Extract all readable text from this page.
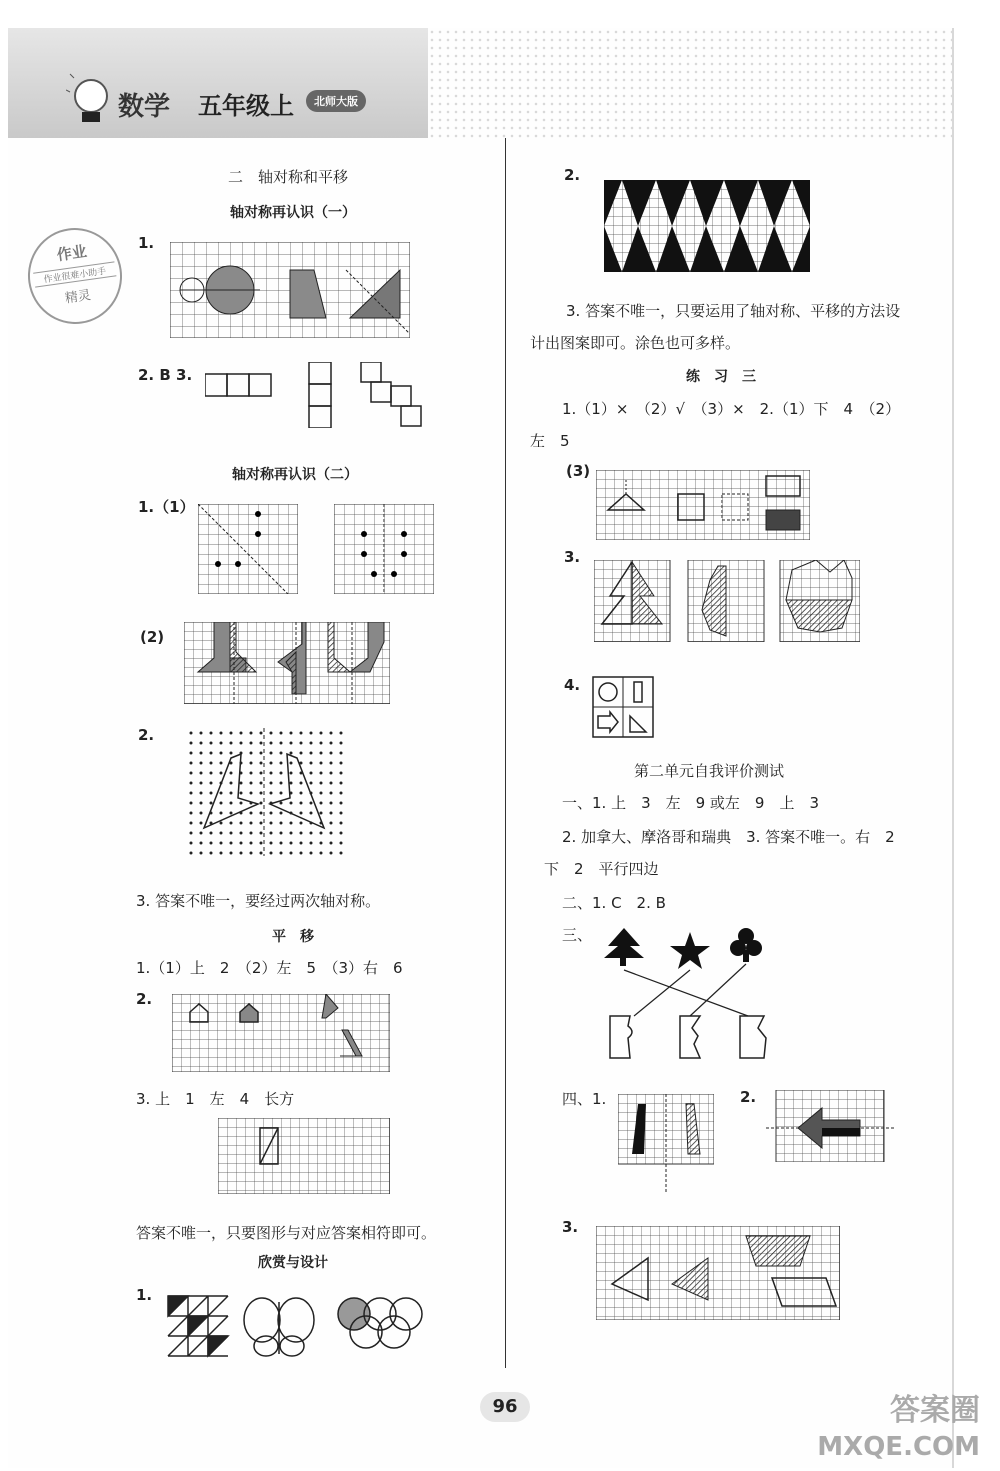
数学 五年级上	北师大版
作业
作业很难小助手
精灵
二　轴对称和平移
轴对称再认识（一）
1.
2. B 3.
轴对称再认识（二）
1.（1）
(2)
2.
3. 答案不唯一，要经过两次轴对称。
平　移
1.（1）上　2　（2）左　5　（3）右　6
2.
3. 上　1　左　4　长方
答案不唯一，只要图形与对应答案相符即可。
欣赏与设计
1.
2.
3. 答案不唯一，只要运用了轴对称、平移的方法设
计出图案即可。涂色也可多样。
练　习　三
1.（1）×　（2）√　（3）×　2.（1）下　4　（2）
左　5
(3)
3.
4.
第二单元自我评价测试
一、1. 上　3　左　9 或左　9　上　3
2. 加拿大、摩洛哥和瑞典　3. 答案不唯一。右　2
下　2　平行四边
二、1. C　2. B
三、
四、1.	2.
3.
96	答案圈
MXQE.COM
